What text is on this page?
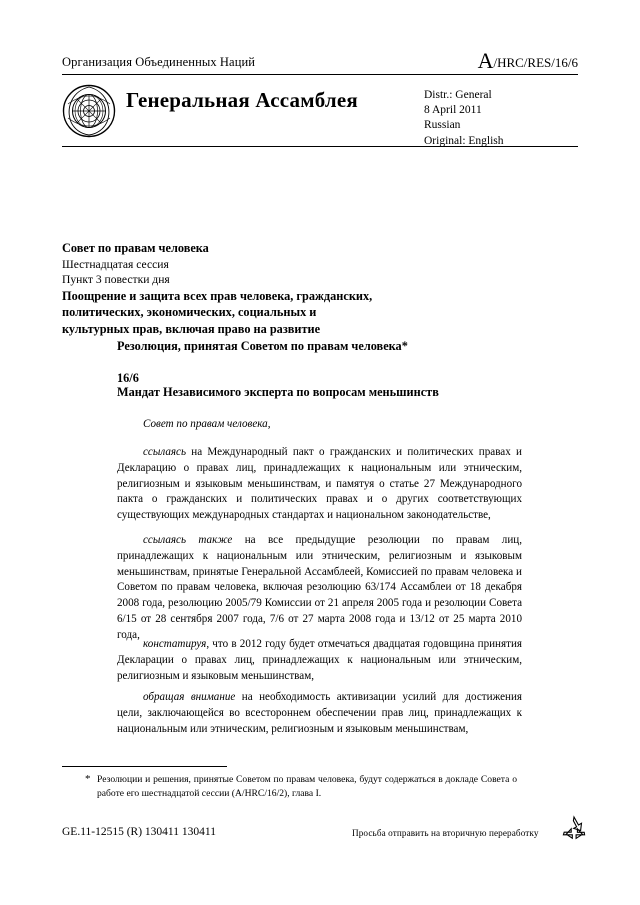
Организация Объединенных Наций	A/HRC/RES/16/6
Генеральная Ассамблея	Distr.: General
8 April 2011
Russian
Original: English
Совет по правам человека
Шестнадцатая сессия
Пункт 3 повестки дня
Поощрение и защита всех прав человека, гражданских,
политических, экономических, социальных и
культурных прав, включая право на развитие
Резолюция, принятая Советом по правам человека*
16/6
Мандат Независимого эксперта по вопросам меньшинств
Совет по правам человека,
ссылаясь на Международный пакт о гражданских и политических правах и Декларацию о правах лиц, принадлежащих к национальным или этническим, религиозным и языковым меньшинствам, и памятуя о статье 27 Международного пакта о гражданских и политических правах и о других соответствующих существующих международных стандартах и национальном законодательстве,
ссылаясь также на все предыдущие резолюции по правам лиц, принадлежащих к национальным или этническим, религиозным и языковым меньшинствам, принятые Генеральной Ассамблеей, Комиссией по правам человека и Советом по правам человека, включая резолюцию 63/174 Ассамблеи от 18 декабря 2008 года, резолюцию 2005/79 Комиссии от 21 апреля 2005 года и резолюции Совета 6/15 от 28 сентября 2007 года, 7/6 от 27 марта 2008 года и 13/12 от 25 марта 2010 года,
констатируя, что в 2012 году будет отмечаться двадцатая годовщина принятия Декларации о правах лиц, принадлежащих к национальным или этническим, религиозным и языковым меньшинствам,
обращая внимание на необходимость активизации усилий для достижения цели, заключающейся во всестороннем обеспечении прав лиц, принадлежащих к национальным или этническим, религиозным и языковым меньшинствам,
* Резолюции и решения, принятые Советом по правам человека, будут содержаться в докладе Совета о работе его шестнадцатой сессии (A/HRC/16/2), глава I.
GE.11-12515 (R) 130411 130411	Просьба отправить на вторичную переработку
